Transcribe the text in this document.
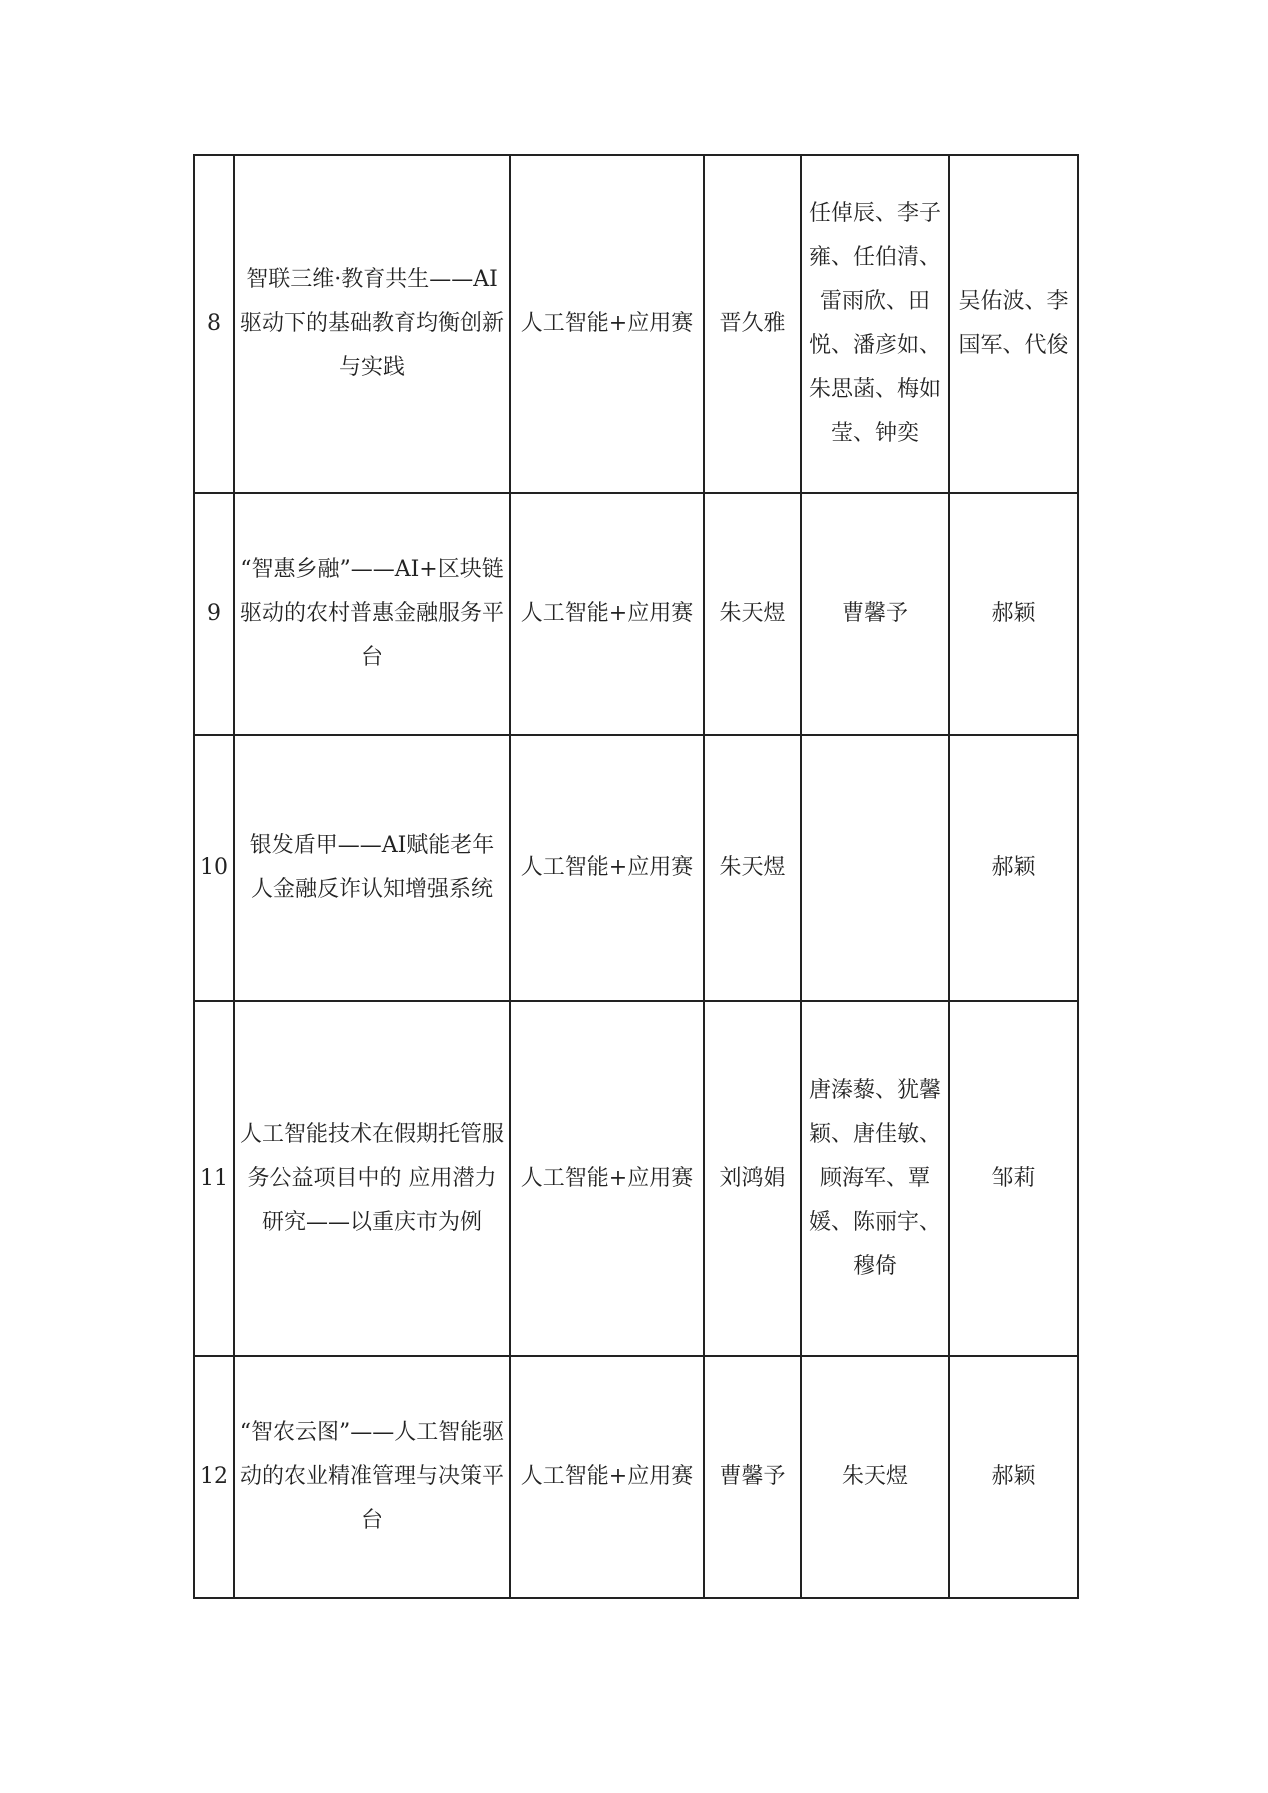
8	智联三维·教育共生——AI驱动下的基础教育均衡创新与实践	人工智能+应用赛	晋久雅	任倬辰、李子雍、任伯清、雷雨欣、田悦、潘彦如、朱思菡、梅如莹、钟奕	吴佑波、李国军、代俊
9	“智惠乡融”——AI+区块链驱动的农村普惠金融服务平台	人工智能+应用赛	朱天煜	曹馨予	郝颖
10	银发盾甲——AI赋能老年人金融反诈认知增强系统	人工智能+应用赛	朱天煜		郝颖
11	人工智能技术在假期托管服务公益项目中的 应用潜力研究——以重庆市为例	人工智能+应用赛	刘鸿娟	唐溱藜、犹馨颖、唐佳敏、顾海军、覃媛、陈丽宇、穆倚	邹莉
12	“智农云图”——人工智能驱动的农业精准管理与决策平台	人工智能+应用赛	曹馨予	朱天煜	郝颖
